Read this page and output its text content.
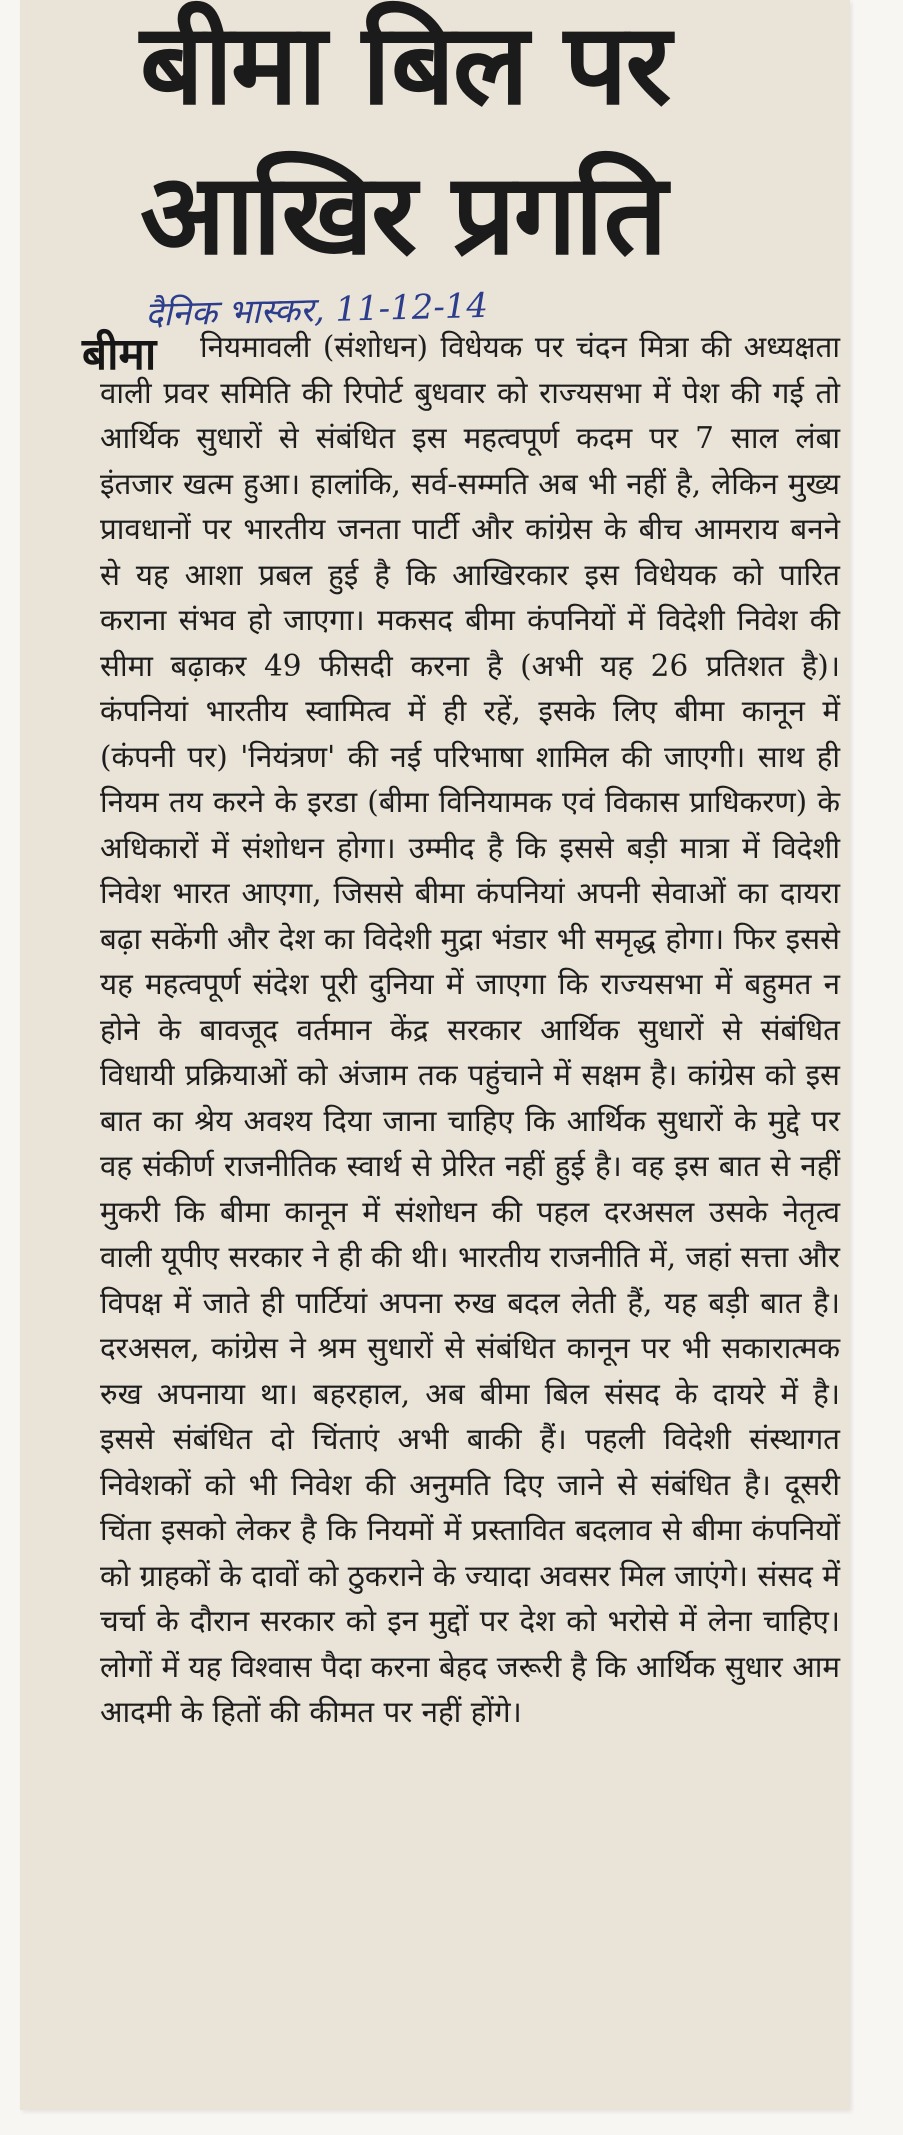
बीमा बिल पर
आखिर प्रगति
दैनिक भास्कर, 11-12-14
बीमा	नियमावली (संशोधन) विधेयक पर चंदन मित्रा की अध्यक्षता वाली प्रवर समिति की रिपोर्ट बुधवार को राज्यसभा में पेश की गई तो आर्थिक सुधारों से संबंधित इस महत्वपूर्ण कदम पर 7 साल लंबा इंतजार खत्म हुआ। हालांकि, सर्व-सम्मति अब भी नहीं है, लेकिन मुख्य प्रावधानों पर भारतीय जनता पार्टी और कांग्रेस के बीच आमराय बनने से यह आशा प्रबल हुई है कि आखिरकार इस विधेयक को पारित कराना संभव हो जाएगा। मकसद बीमा कंपनियों में विदेशी निवेश की सीमा बढ़ाकर 49 फीसदी करना है (अभी यह 26 प्रतिशत है)। कंपनियां भारतीय स्वामित्व में ही रहें, इसके लिए बीमा कानून में (कंपनी पर) 'नियंत्रण' की नई परिभाषा शामिल की जाएगी। साथ ही नियम तय करने के इरडा (बीमा विनियामक एवं विकास प्राधिकरण) के अधिकारों में संशोधन होगा। उम्मीद है कि इससे बड़ी मात्रा में विदेशी निवेश भारत आएगा, जिससे बीमा कंपनियां अपनी सेवाओं का दायरा बढ़ा सकेंगी और देश का विदेशी मुद्रा भंडार भी समृद्ध होगा। फिर इससे यह महत्वपूर्ण संदेश पूरी दुनिया में जाएगा कि राज्यसभा में बहुमत न होने के बावजूद वर्तमान केंद्र सरकार आर्थिक सुधारों से संबंधित विधायी प्रक्रियाओं को अंजाम तक पहुंचाने में सक्षम है। कांग्रेस को इस बात का श्रेय अवश्य दिया जाना चाहिए कि आर्थिक सुधारों के मुद्दे पर वह संकीर्ण राजनीतिक स्वार्थ से प्रेरित नहीं हुई है। वह इस बात से नहीं मुकरी कि बीमा कानून में संशोधन की पहल दरअसल उसके नेतृत्व वाली यूपीए सरकार ने ही की थी। भारतीय राजनीति में, जहां सत्ता और विपक्ष में जाते ही पार्टियां अपना रुख बदल लेती हैं, यह बड़ी बात है। दरअसल, कांग्रेस ने श्रम सुधारों से संबंधित कानून पर भी सकारात्मक रुख अपनाया था। बहरहाल, अब बीमा बिल संसद के दायरे में है। इससे संबंधित दो चिंताएं अभी बाकी हैं। पहली विदेशी संस्थागत निवेशकों को भी निवेश की अनुमति दिए जाने से संबंधित है। दूसरी चिंता इसको लेकर है कि नियमों में प्रस्तावित बदलाव से बीमा कंपनियों को ग्राहकों के दावों को ठुकराने के ज्यादा अवसर मिल जाएंगे। संसद में चर्चा के दौरान सरकार को इन मुद्दों पर देश को भरोसे में लेना चाहिए। लोगों में यह विश्वास पैदा करना बेहद जरूरी है कि आर्थिक सुधार आम आदमी के हितों की कीमत पर नहीं होंगे।
